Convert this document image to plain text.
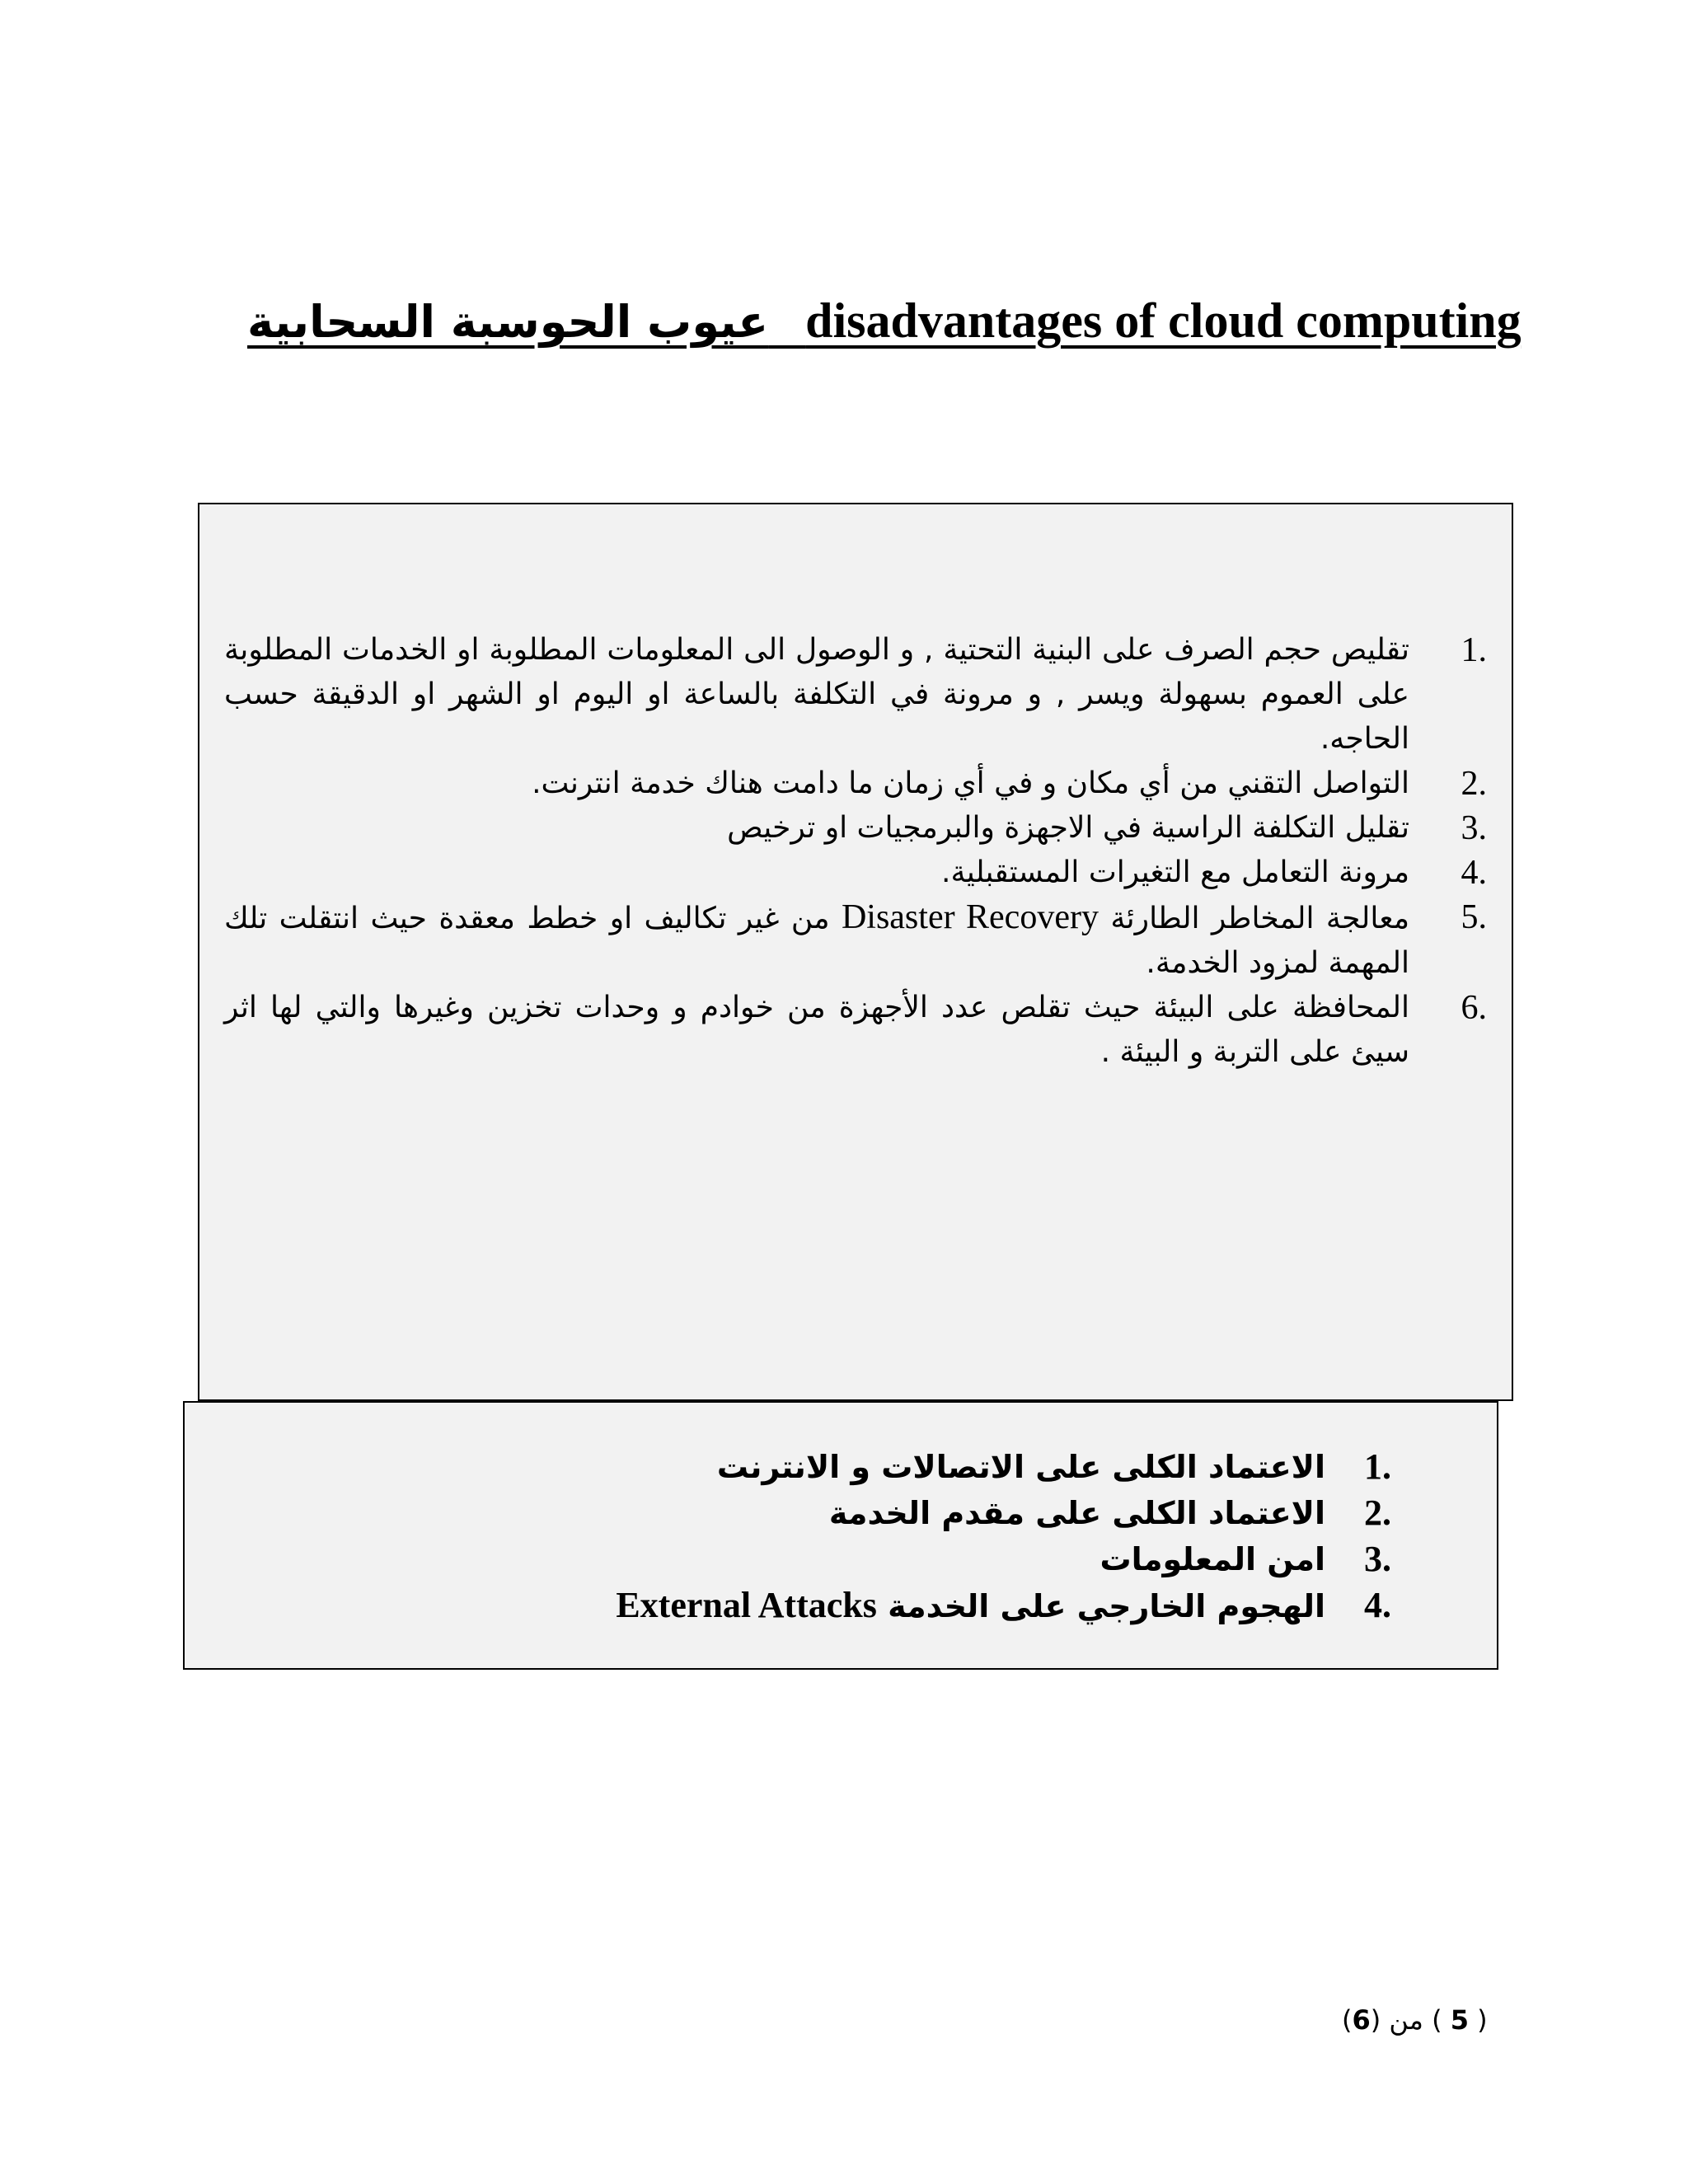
عيوب الحوسبة السحابية disadvantages of cloud computing
1.
تقليص حجم الصرف على البنية التحتية , و الوصول الى المعلومات المطلوبة او الخدمات المطلوبة على العموم بسهولة ويسر , و مرونة في التكلفة بالساعة او اليوم او الشهر او الدقيقة حسب الحاجه.
2.
التواصل التقني من أي مكان و في أي زمان ما دامت هناك خدمة انترنت.
3.
تقليل التكلفة الراسية في الاجهزة والبرمجيات او ترخيص
4.
مرونة التعامل مع التغيرات المستقبلية.
5.
معالجة المخاطر الطارئة Disaster Recovery من غير تكاليف او خطط معقدة حيث انتقلت تلك المهمة لمزود الخدمة.
6.
المحافظة على البيئة حيث تقلص عدد الأجهزة من خوادم و وحدات تخزين وغيرها والتي لها اثر سيئ على التربة و البيئة .
1.
الاعتماد الكلى على الاتصالات و الانترنت
2.
الاعتماد الكلى على مقدم الخدمة
3.
امن المعلومات
4.
الهجوم الخارجي على الخدمة External Attacks
( 5 ) من (6)
